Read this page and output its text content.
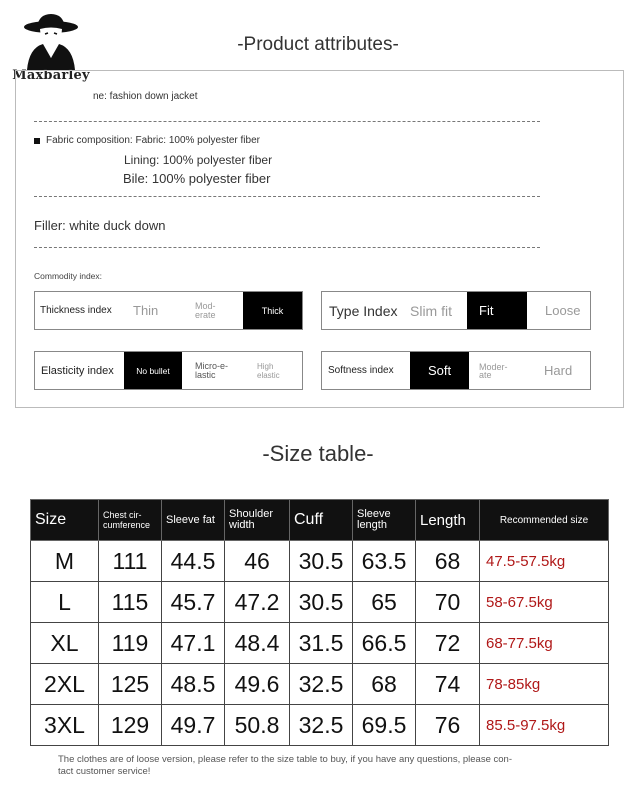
Maxbarley
-Product attributes-
ne: fashion down jacket
Fabric composition: Fabric: 100% polyester fiber
Lining: 100% polyester fiber
Bile: 100% polyester fiber
Filler: white duck down
Commodity index:
Thickness index Thin	Mod-
erate	Thick	Type Index Slim fit	Fit	Loose
Elasticity index	No bullet	Micro-e-
lastic
High
elastic	Softness index	Soft	Moder-
ate	Hard
-Size table-
Size	Chest cir-
cumference	Sleeve fat	Shoulder
width	Cuff	Sleeve
length	Length	Recommended size
M	111	44.5	46	30.5	63.5	68	47.5-57.5kg
L	115	45.7	47.2	30.5	65	70	58-67.5kg
XL	119	47.1	48.4	31.5	66.5	72	68-77.5kg
2XL	125	48.5	49.6	32.5	68	74	78-85kg
3XL	129	49.7	50.8	32.5	69.5	76	85.5-97.5kg
The clothes are of loose version, please refer to the size table to buy, if you have any questions, please con-
tact customer service!
